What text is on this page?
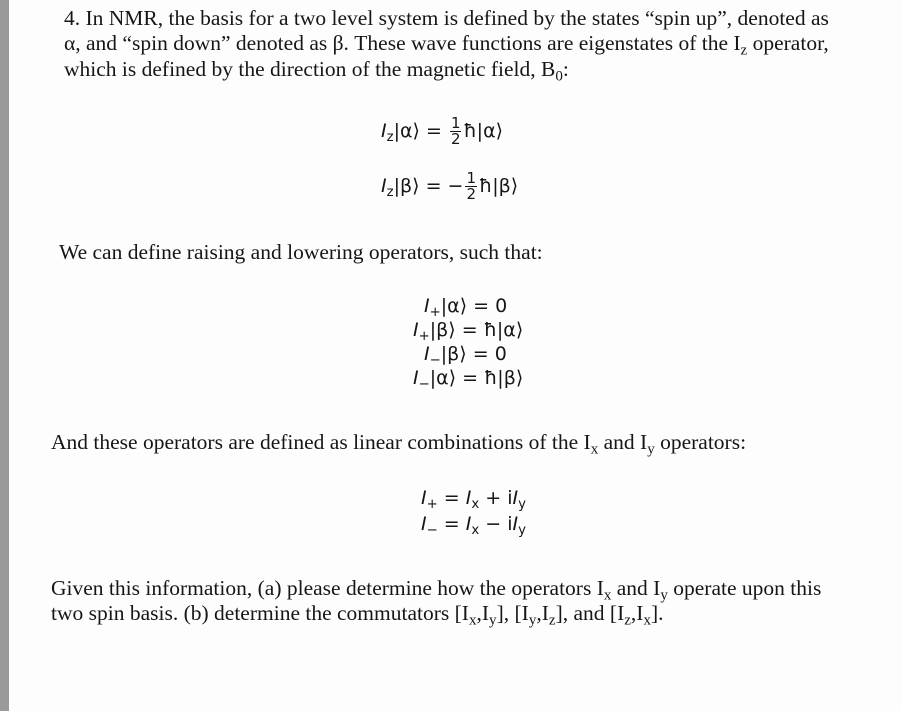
4. In NMR, the basis for a two level system is defined by the states “spin up”, denoted as
α, and “spin down” denoted as β. These wave functions are eigenstates of the $I_z$ operator,
which is defined by the direction of the magnetic field, $B_0$:
$I_z|\alpha⟩ = \frac{1}{2}$ ħ|α⟩
$I_z|\beta⟩$ = − $\frac{1}{2}$ ħ|β⟩
We can define raising and lowering operators, such that:
$I_+|\alpha⟩ = 0$
$I_+|\beta⟩$ = ħ|α⟩
$I_-|\beta⟩ = 0$
$I_-|\alpha⟩$ = ħ|β⟩
And these operators are defined as linear combinations of the $I_x$ and $I_y$ operators:
$I_+ = I_x + iI_y$
$I_- = I_x - iI_y$
Given this information, (a) please determine how the operators $I_x$ and $I_y$ operate upon this
two spin basis. (b) determine the commutators $[I_x,I_y]$, $[I_y,I_z]$, and $[I_z,I_x]$.
